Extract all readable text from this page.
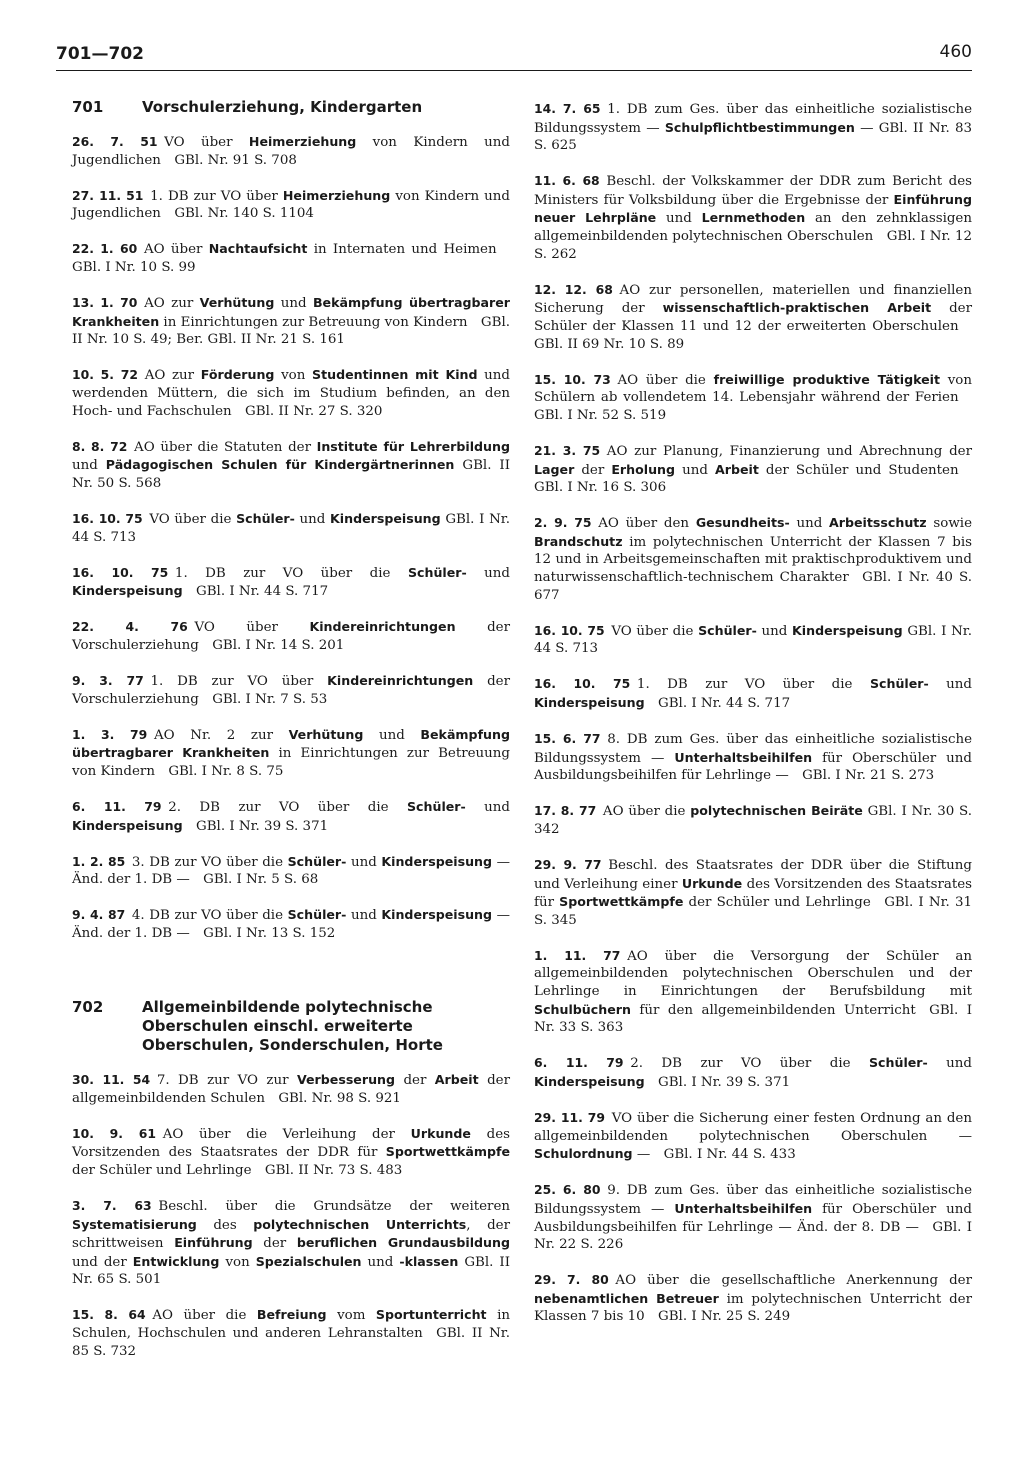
701—702	460
701	Vorschulerziehung, Kindergarten
26. 7. 51  VO über Heimerziehung von Kindern und Jugendlichen GBl. Nr. 91 S. 708
27. 11. 51  1. DB zur VO über Heimerziehung von Kindern und Jugendlichen GBl. Nr. 140 S. 1104
22. 1. 60  AO über Nachtaufsicht in Internaten und Heimen GBl. I Nr. 10 S. 99
13. 1. 70  AO zur Verhütung und Bekämpfung übertragbarer Krankheiten in Einrichtungen zur Betreuung von Kindern GBl. II Nr. 10 S. 49; Ber. GBl. II Nr. 21 S. 161
10. 5. 72  AO zur Förderung von Studentinnen mit Kind und werdenden Müttern, die sich im Studium befinden, an den Hoch- und Fachschulen GBl. II Nr. 27 S. 320
8. 8. 72  AO über die Statuten der Institute für Lehrerbildung und Pädagogischen Schulen für Kindergärtnerinnen GBl. II Nr. 50 S. 568
16. 10. 75  VO über die Schüler- und Kinderspeisung GBl. I Nr. 44 S. 713
16. 10. 75  1. DB zur VO über die Schüler- und Kinderspeisung GBl. I Nr. 44 S. 717
22. 4. 76  VO über Kindereinrichtungen der Vorschulerziehung GBl. I Nr. 14 S. 201
9. 3. 77  1. DB zur VO über Kindereinrichtungen der Vorschulerziehung GBl. I Nr. 7 S. 53
1. 3. 79  AO Nr. 2 zur Verhütung und Bekämpfung übertragbarer Krankheiten in Einrichtungen zur Betreuung von Kindern GBl. I Nr. 8 S. 75
6. 11. 79  2. DB zur VO über die Schüler- und Kinderspeisung GBl. I Nr. 39 S. 371
1. 2. 85  3. DB zur VO über die Schüler- und Kinderspeisung — Änd. der 1. DB — GBl. I Nr. 5 S. 68
9. 4. 87  4. DB zur VO über die Schüler- und Kinderspeisung — Änd. der 1. DB — GBl. I Nr. 13 S. 152
702	Allgemeinbildende polytechnische Oberschulen einschl. erweiterte Oberschulen, Sonderschulen, Horte
30. 11. 54  7. DB zur VO zur Verbesserung der Arbeit der allgemeinbildenden Schulen GBl. Nr. 98 S. 921
10. 9. 61  AO über die Verleihung der Urkunde des Vorsitzenden des Staatsrates der DDR für Sportwettkämpfe der Schüler und Lehrlinge GBl. II Nr. 73 S. 483
3. 7. 63  Beschl. über die Grundsätze der weiteren Systematisierung des polytechnischen Unterrichts, der schrittweisen Einführung der beruflichen Grundausbildung und der Entwicklung von Spezialschulen und -klassen GBl. II Nr. 65 S. 501
15. 8. 64  AO über die Befreiung vom Sportunterricht in Schulen, Hochschulen und anderen Lehranstalten GBl. II Nr. 85 S. 732
14. 7. 65  1. DB zum Ges. über das einheitliche sozialistische Bildungssystem — Schulpflichtbestimmungen — GBl. II Nr. 83 S. 625
11. 6. 68  Beschl. der Volkskammer der DDR zum Bericht des Ministers für Volksbildung über die Ergebnisse der Einführung neuer Lehrpläne und Lernmethoden an den zehnklassigen allgemeinbildenden polytechnischen Oberschulen GBl. I Nr. 12 S. 262
12. 12. 68  AO zur personellen, materiellen und finanziellen Sicherung der wissenschaftlich-praktischen Arbeit der Schüler der Klassen 11 und 12 der erweiterten Oberschulen GBl. II 69 Nr. 10 S. 89
15. 10. 73  AO über die freiwillige produktive Tätigkeit von Schülern ab vollendetem 14. Lebensjahr während der Ferien GBl. I Nr. 52 S. 519
21. 3. 75  AO zur Planung, Finanzierung und Abrechnung der Lager der Erholung und Arbeit der Schüler und Studenten GBl. I Nr. 16 S. 306
2. 9. 75  AO über den Gesundheits- und Arbeitsschutz sowie Brandschutz im polytechnischen Unterricht der Klassen 7 bis 12 und in Arbeitsgemeinschaften mit praktischproduktivem und naturwissenschaftlich-technischem Charakter GBl. I Nr. 40 S. 677
16. 10. 75  VO über die Schüler- und Kinderspeisung GBl. I Nr. 44 S. 713
16. 10. 75  1. DB zur VO über die Schüler- und Kinderspeisung GBl. I Nr. 44 S. 717
15. 6. 77  8. DB zum Ges. über das einheitliche sozialistische Bildungssystem — Unterhaltsbeihilfen für Oberschüler und Ausbildungsbeihilfen für Lehrlinge — GBl. I Nr. 21 S. 273
17. 8. 77  AO über die polytechnischen Beiräte GBl. I Nr. 30 S. 342
29. 9. 77  Beschl. des Staatsrates der DDR über die Stiftung und Verleihung einer Urkunde des Vorsitzenden des Staatsrates für Sportwettkämpfe der Schüler und Lehrlinge GBl. I Nr. 31 S. 345
1. 11. 77  AO über die Versorgung der Schüler an allgemeinbildenden polytechnischen Oberschulen und der Lehrlinge in Einrichtungen der Berufsbildung mit Schulbüchern für den allgemeinbildenden Unterricht GBl. I Nr. 33 S. 363
6. 11. 79  2. DB zur VO über die Schüler- und Kinderspeisung GBl. I Nr. 39 S. 371
29. 11. 79  VO über die Sicherung einer festen Ordnung an den allgemeinbildenden polytechnischen Oberschulen — Schulordnung — GBl. I Nr. 44 S. 433
25. 6. 80  9. DB zum Ges. über das einheitliche sozialistische Bildungssystem — Unterhaltsbeihilfen für Oberschüler und Ausbildungsbeihilfen für Lehrlinge — Änd. der 8. DB — GBl. I Nr. 22 S. 226
29. 7. 80  AO über die gesellschaftliche Anerkennung der nebenamtlichen Betreuer im polytechnischen Unterricht der Klassen 7 bis 10 GBl. I Nr. 25 S. 249
